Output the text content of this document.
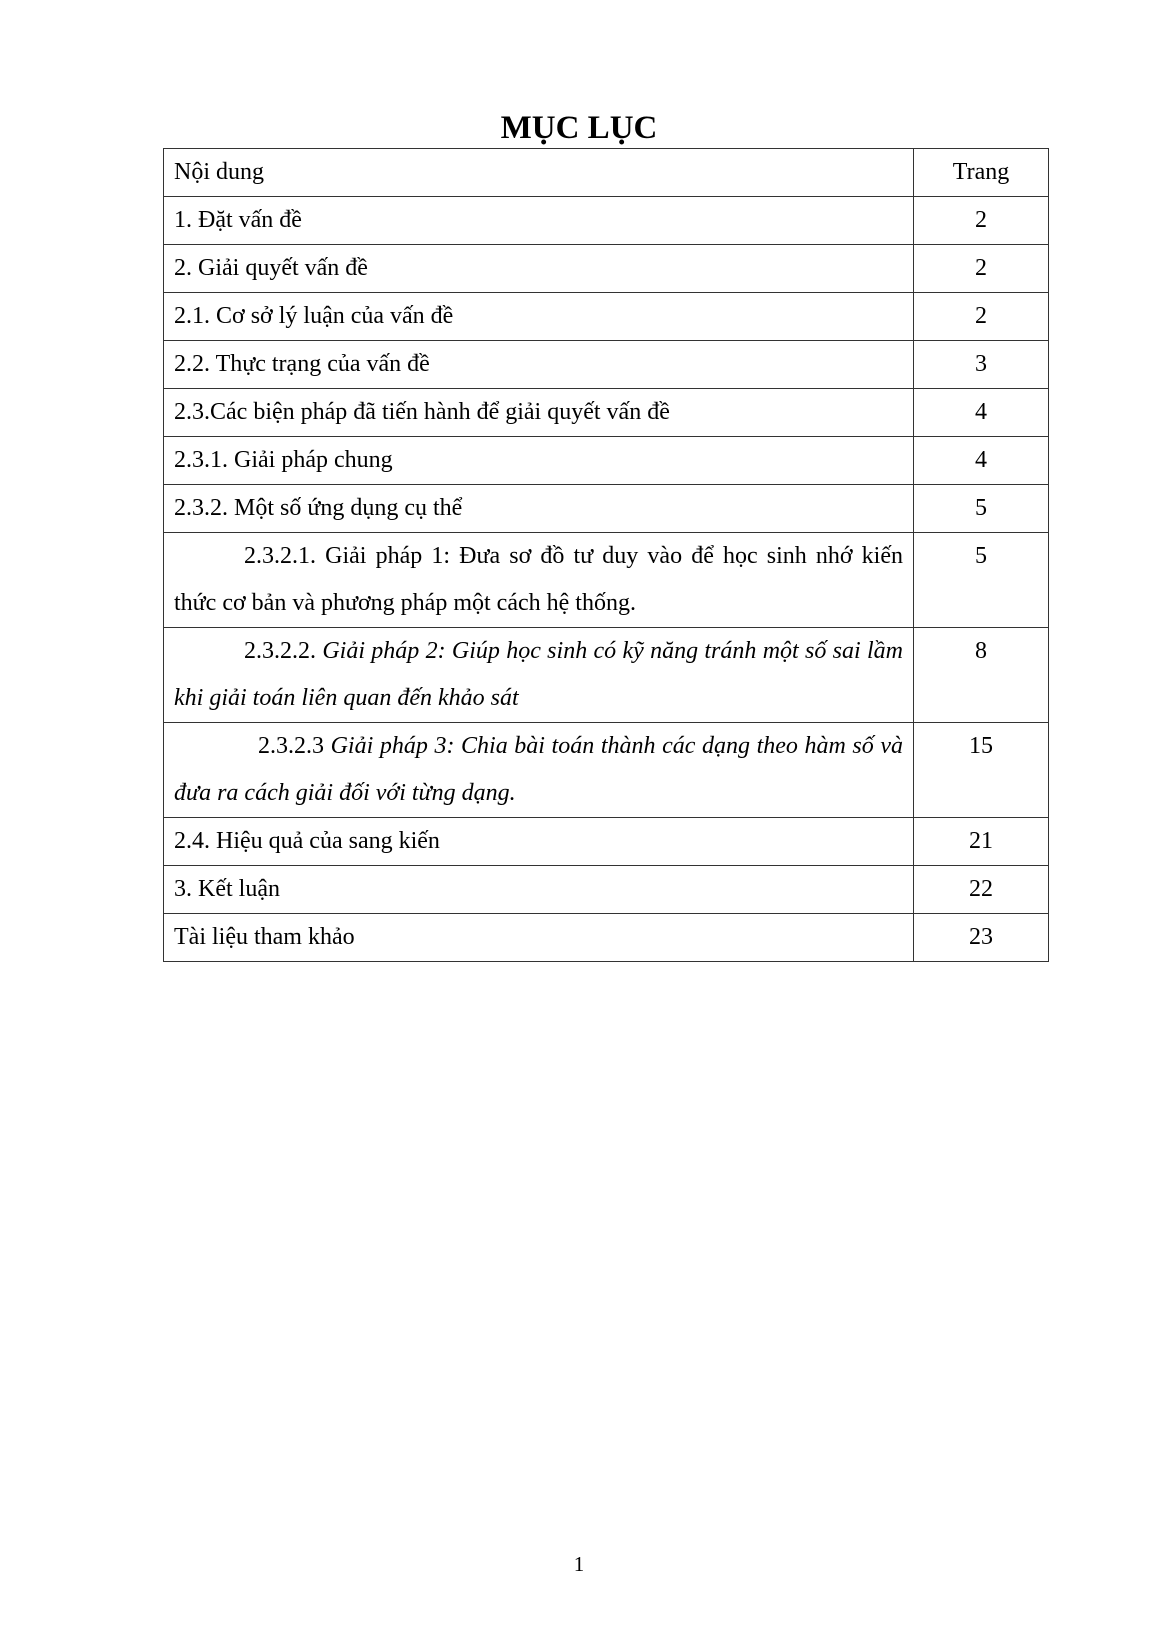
MỤC LỤC
Nội dung	Trang
1. Đặt vấn đề	2
2. Giải quyết vấn đề	2
2.1. Cơ sở lý luận của vấn đề	2
2.2. Thực trạng của vấn đề	3
2.3.Các biện pháp đã tiến hành để giải quyết vấn đề	4
2.3.1. Giải pháp chung	4
2.3.2. Một số ứng dụng cụ thể	5
2.3.2.1. Giải pháp 1: Đưa sơ đồ tư duy vào để học sinh nhớ kiến thức cơ bản và phương pháp một cách hệ thống.	5
2.3.2.2. Giải pháp 2: Giúp học sinh có kỹ năng tránh một số sai lầm khi giải toán liên quan đến khảo sát	8
2.3.2.3 Giải pháp 3: Chia bài toán thành các dạng theo hàm số và đưa ra cách giải đối với từng dạng.	15
2.4. Hiệu quả của sang kiến	21
3. Kết luận	22
Tài liệu tham khảo	23
1
